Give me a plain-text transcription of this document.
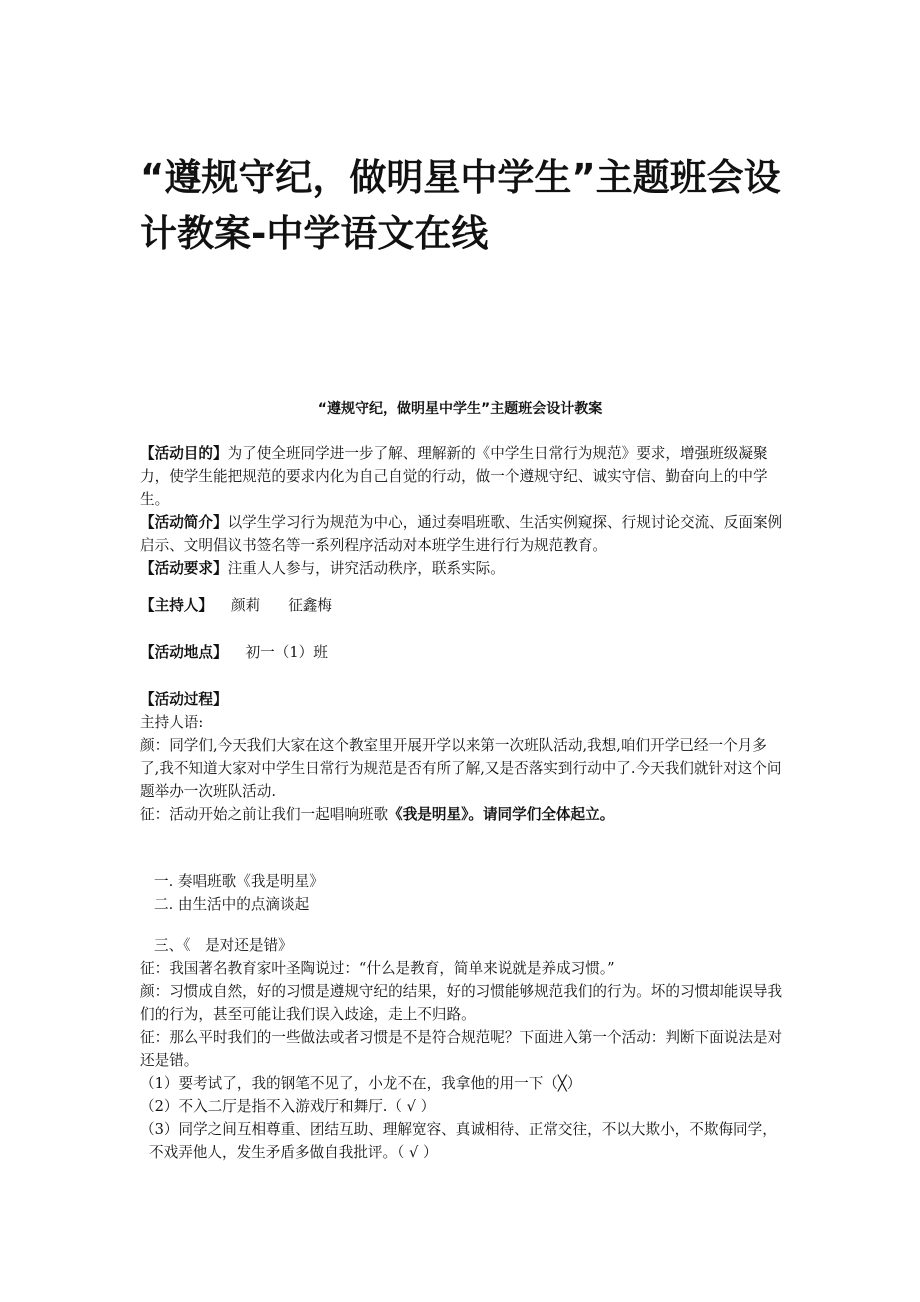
“遵规守纪，做明星中学生”主题班会设计教案-中学语文在线
“遵规守纪，做明星中学生”主题班会设计教案

【活动目的】为了使全班同学进一步了解、理解新的《中学生日常行为规范》要求，增强班级凝聚力，使学生能把规范的要求内化为自己自觉的行动，做一个遵规守纪、诚实守信、勤奋向上的中学生。

【活动简介】以学生学习行为规范为中心，通过奏唱班歌、生活实例窥探、行规讨论交流、反面案例启示、文明倡议书签名等一系列程序活动对本班学生进行行为规范教育。

【活动要求】注重人人参与，讲究活动秩序，联系实际。

【主持人】 颜莉 征鑫梅

【活动地点】 初一（1）班

【活动过程】

主持人语:

颜：同学们,今天我们大家在这个教室里开展开学以来第一次班队活动,我想,咱们开学已经一个月多了,我不知道大家对中学生日常行为规范是否有所了解,又是否落实到行动中了.今天我们就针对这个问题举办一次班队活动.

征：活动开始之前让我们一起唱响班歌《我是明星》。请同学们全体起立。

一. 奏唱班歌《我是明星》

二. 由生活中的点滴谈起

三、《　是对还是错》

征：我国著名教育家叶圣陶说过：“什么是教育，简单来说就是养成习惯。”

颜：习惯成自然，好的习惯是遵规守纪的结果，好的习惯能够规范我们的行为。坏的习惯却能误导我们的行为，甚至可能让我们误入歧途，走上不归路。

征：那么平时我们的一些做法或者习惯是不是符合规范呢？下面进入第一个活动：判断下面说法是对还是错。

（1）要考试了，我的钢笔不见了，小龙不在，我拿他的用一下（╳）

（2）不入二厅是指不入游戏厅和舞厅.（ √ ）

（3）同学之间互相尊重、团结互助、理解宽容、真诚相待、正常交往，不以大欺小，不欺侮同学，不戏弄他人，发生矛盾多做自我批评。（ √ ）
